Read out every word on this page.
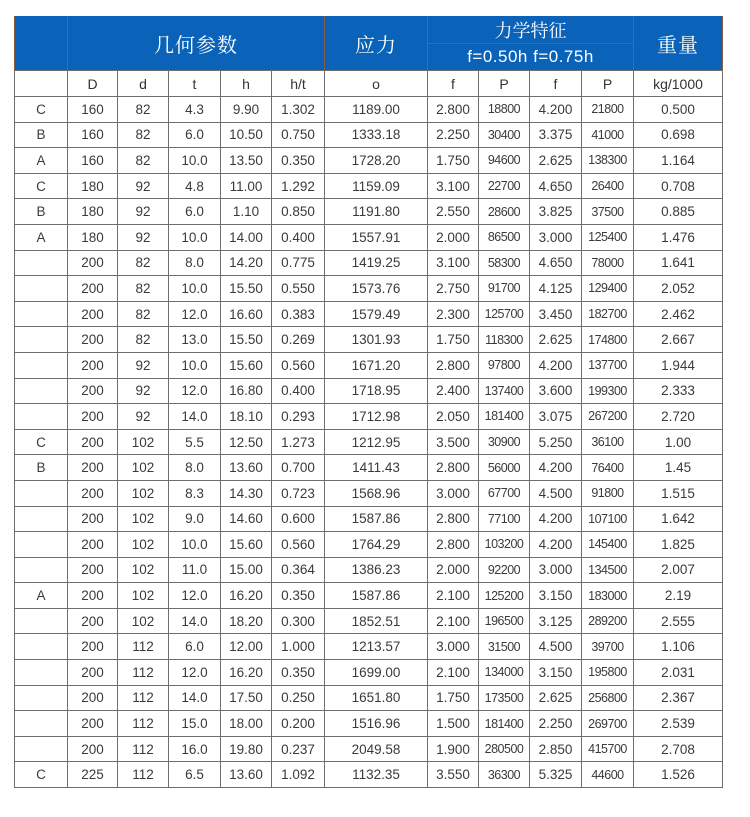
	几何参数					应力	力学特征				重量
							f=0.50h f=0.75h				
	D	d	t	h	h/t	o	f	P	f	P	kg/1000
C	160	82	4.3	9.90	1.302	1189.00	2.800	18800	4.200	21800	0.500
B	160	82	6.0	10.50	0.750	1333.18	2.250	30400	3.375	41000	0.698
A	160	82	10.0	13.50	0.350	1728.20	1.750	94600	2.625	138300	1.164
C	180	92	4.8	11.00	1.292	1159.09	3.100	22700	4.650	26400	0.708
B	180	92	6.0	1.10	0.850	1191.80	2.550	28600	3.825	37500	0.885
A	180	92	10.0	14.00	0.400	1557.91	2.000	86500	3.000	125400	1.476
	200	82	8.0	14.20	0.775	1419.25	3.100	58300	4.650	78000	1.641
	200	82	10.0	15.50	0.550	1573.76	2.750	91700	4.125	129400	2.052
	200	82	12.0	16.60	0.383	1579.49	2.300	125700	3.450	182700	2.462
	200	82	13.0	15.50	0.269	1301.93	1.750	118300	2.625	174800	2.667
	200	92	10.0	15.60	0.560	1671.20	2.800	97800	4.200	137700	1.944
	200	92	12.0	16.80	0.400	1718.95	2.400	137400	3.600	199300	2.333
	200	92	14.0	18.10	0.293	1712.98	2.050	181400	3.075	267200	2.720
C	200	102	5.5	12.50	1.273	1212.95	3.500	30900	5.250	36100	1.00
B	200	102	8.0	13.60	0.700	1411.43	2.800	56000	4.200	76400	1.45
	200	102	8.3	14.30	0.723	1568.96	3.000	67700	4.500	91800	1.515
	200	102	9.0	14.60	0.600	1587.86	2.800	77100	4.200	107100	1.642
	200	102	10.0	15.60	0.560	1764.29	2.800	103200	4.200	145400	1.825
	200	102	11.0	15.00	0.364	1386.23	2.000	92200	3.000	134500	2.007
A	200	102	12.0	16.20	0.350	1587.86	2.100	125200	3.150	183000	2.19
	200	102	14.0	18.20	0.300	1852.51	2.100	196500	3.125	289200	2.555
	200	112	6.0	12.00	1.000	1213.57	3.000	31500	4.500	39700	1.106
	200	112	12.0	16.20	0.350	1699.00	2.100	134000	3.150	195800	2.031
	200	112	14.0	17.50	0.250	1651.80	1.750	173500	2.625	256800	2.367
	200	112	15.0	18.00	0.200	1516.96	1.500	181400	2.250	269700	2.539
	200	112	16.0	19.80	0.237	2049.58	1.900	280500	2.850	415700	2.708
C	225	112	6.5	13.60	1.092	1132.35	3.550	36300	5.325	44600	1.526
